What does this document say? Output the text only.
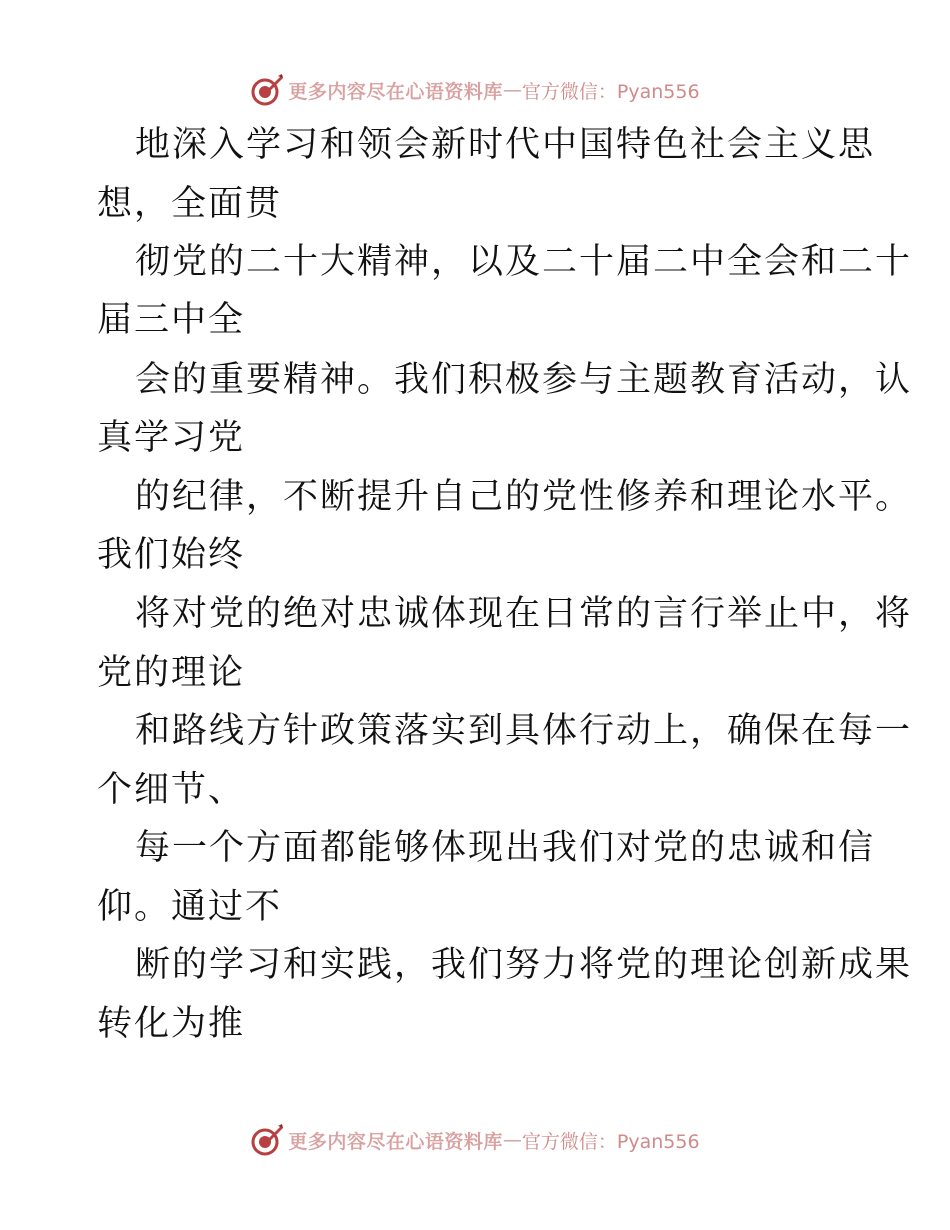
更多内容尽在心语资料库 — 官方微信：Pyan556
地深入学习和领会新时代中国特色社会主义思
想，全面贯
彻党的二十大精神，以及二十届二中全会和二十
届三中全
会的重要精神。我们积极参与主题教育活动，认
真学习党
的纪律，不断提升自己的党性修养和理论水平。
我们始终
将对党的绝对忠诚体现在日常的言行举止中，将
党的理论
和路线方针政策落实到具体行动上，确保在每一
个细节、
每一个方面都能够体现出我们对党的忠诚和信
仰。通过不
断的学习和实践，我们努力将党的理论创新成果
转化为推
更多内容尽在心语资料库 — 官方微信：Pyan556
